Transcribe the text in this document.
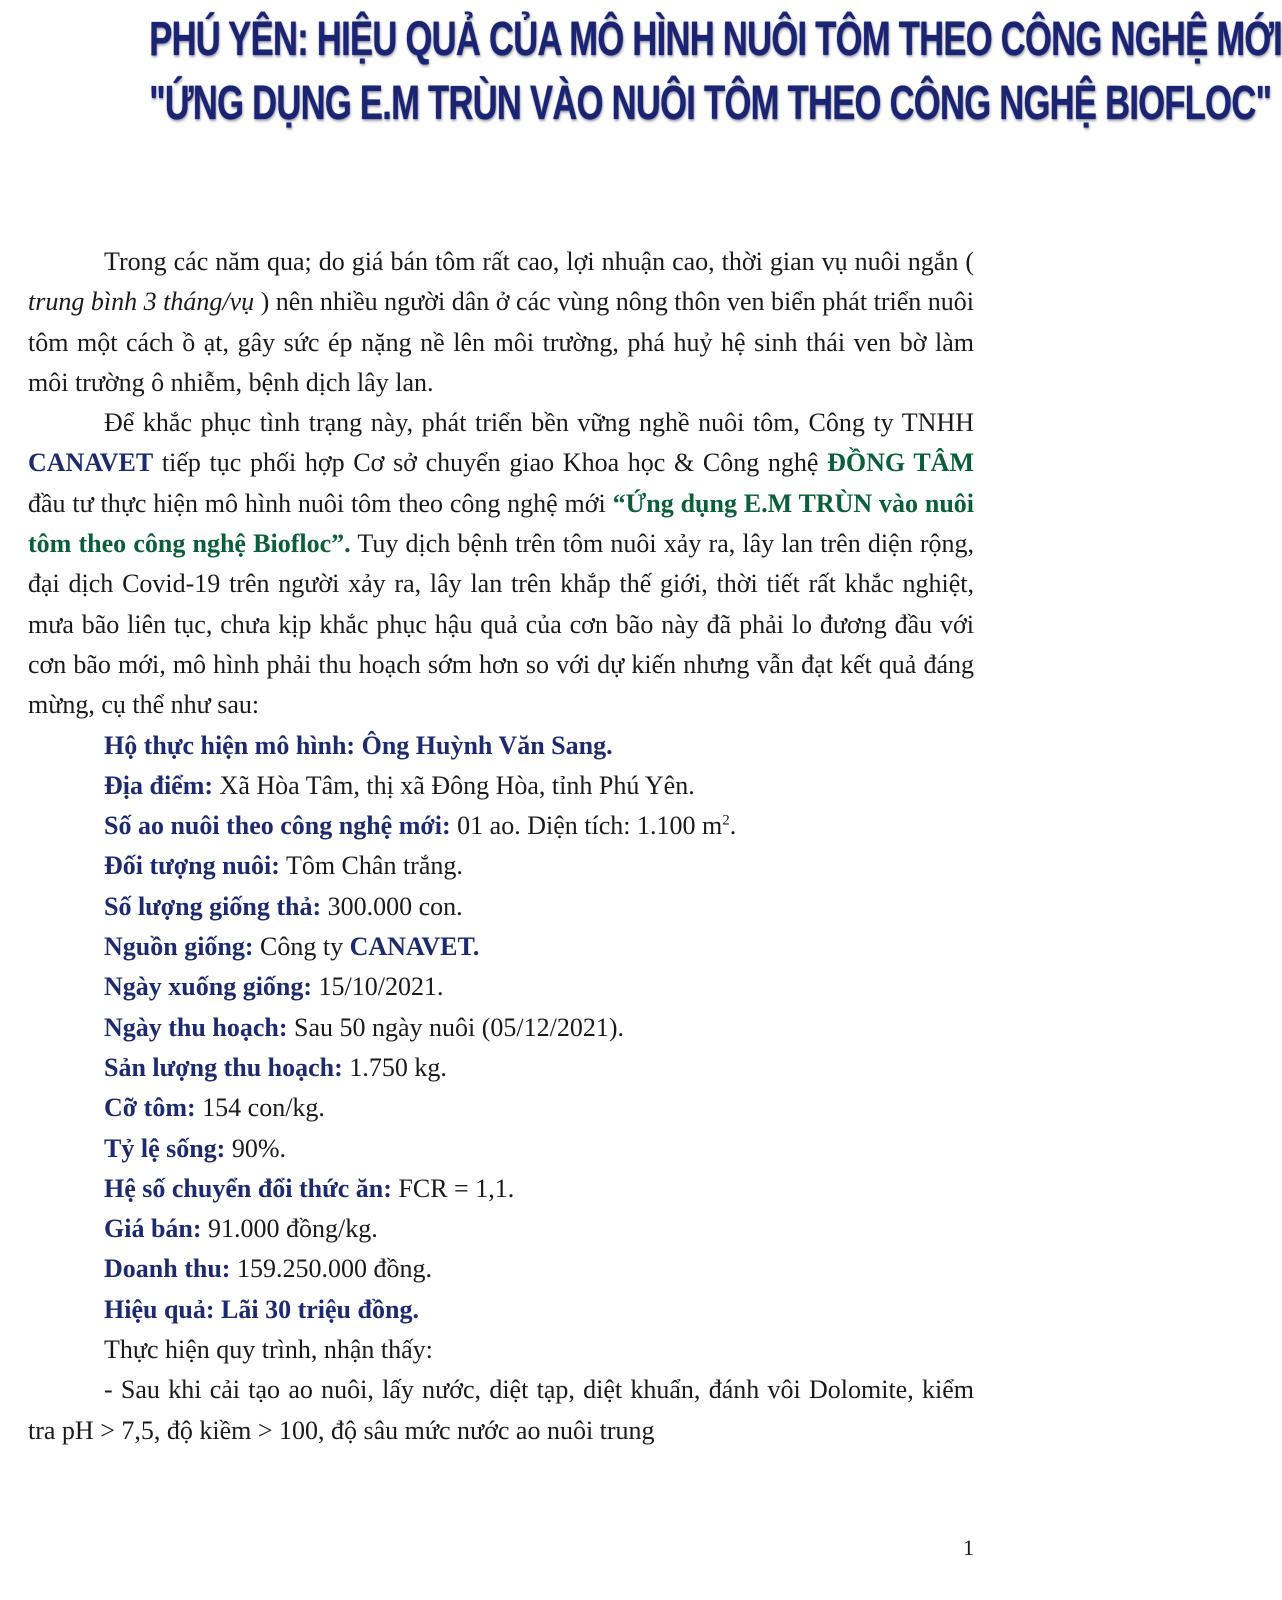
PHÚ YÊN: HIỆU QUẢ CỦA MÔ HÌNH NUÔI TÔM THEO CÔNG NGHỆ MỚI
"ỨNG DỤNG E.M TRÙN VÀO NUÔI TÔM THEO CÔNG NGHỆ BIOFLOC"

Trong các năm qua; do giá bán tôm rất cao, lợi nhuận cao, thời gian vụ nuôi ngắn ( trung bình 3 tháng/vụ ) nên nhiều người dân ở các vùng nông thôn ven biển phát triển nuôi tôm một cách ồ ạt, gây sức ép nặng nề lên môi trường, phá huỷ hệ sinh thái ven bờ làm môi trường ô nhiễm, bệnh dịch lây lan.

Để khắc phục tình trạng này, phát triển bền vững nghề nuôi tôm, Công ty TNHH CANAVET tiếp tục phối hợp Cơ sở chuyển giao Khoa học & Công nghệ ĐỒNG TÂM đầu tư thực hiện mô hình nuôi tôm theo công nghệ mới “Ứng dụng E.M TRÙN vào nuôi tôm theo công nghệ Biofloc”. Tuy dịch bệnh trên tôm nuôi xảy ra, lây lan trên diện rộng, đại dịch Covid-19 trên người xảy ra, lây lan trên khắp thế giới, thời tiết rất khắc nghiệt, mưa bão liên tục, chưa kịp khắc phục hậu quả của cơn bão này đã phải lo đương đầu với cơn bão mới, mô hình phải thu hoạch sớm hơn so với dự kiến nhưng vẫn đạt kết quả đáng mừng, cụ thể như sau:

Hộ thực hiện mô hình: Ông Huỳnh Văn Sang.

Địa điểm: Xã Hòa Tâm, thị xã Đông Hòa, tỉnh Phú Yên.

Số ao nuôi theo công nghệ mới: 01 ao. Diện tích: 1.100 $m^2$.

Đối tượng nuôi: Tôm Chân trắng.

Số lượng giống thả: 300.000 con.

Nguồn giống: Công ty CANAVET.

Ngày xuống giống: 15/10/2021.

Ngày thu hoạch: Sau 50 ngày nuôi (05/12/2021).

Sản lượng thu hoạch: 1.750 kg.

Cỡ tôm: 154 con/kg.

Tỷ lệ sống: 90%.

Hệ số chuyển đổi thức ăn: FCR = 1,1.

Giá bán: 91.000 đồng/kg.

Doanh thu: 159.250.000 đồng.

Hiệu quả: Lãi 30 triệu đồng.

Thực hiện quy trình, nhận thấy:

- Sau khi cải tạo ao nuôi, lấy nước, diệt tạp, diệt khuẩn, đánh vôi Dolomite, kiểm tra pH > 7,5, độ kiềm > 100, độ sâu mức nước ao nuôi trung

1
